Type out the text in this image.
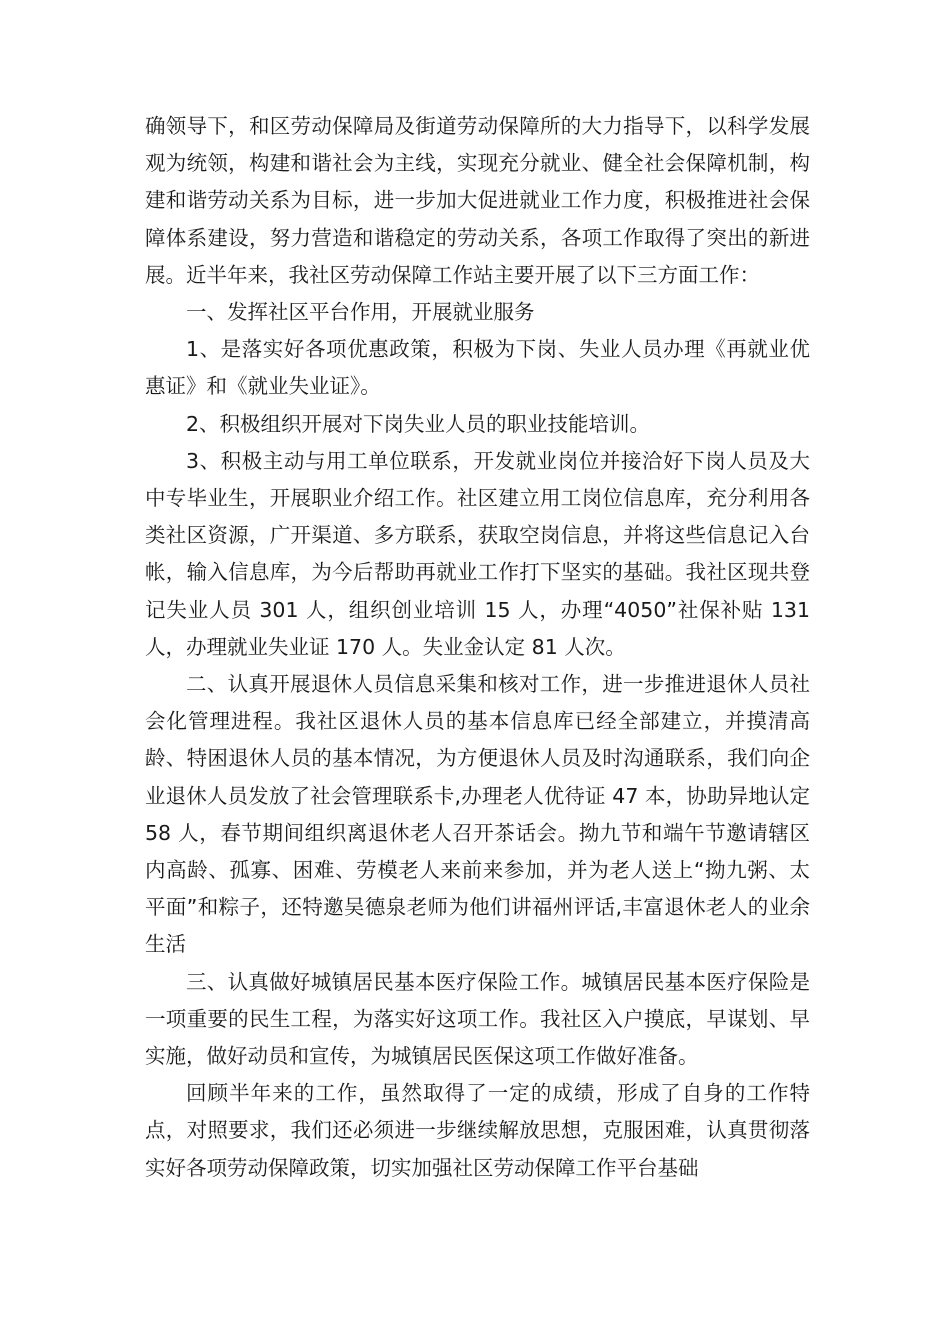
确领导下，和区劳动保障局及街道劳动保障所的大力指导下，以科学发展观为统领，构建和谐社会为主线，实现充分就业、健全社会保障机制，构建和谐劳动关系为目标，进一步加大促进就业工作力度，积极推进社会保障体系建设，努力营造和谐稳定的劳动关系，各项工作取得了突出的新进展。近半年来，我社区劳动保障工作站主要开展了以下三方面工作：

一、发挥社区平台作用，开展就业服务

1、是落实好各项优惠政策，积极为下岗、失业人员办理《再就业优惠证》和《就业失业证》。

2、积极组织开展对下岗失业人员的职业技能培训。

3、积极主动与用工单位联系，开发就业岗位并接洽好下岗人员及大中专毕业生，开展职业介绍工作。社区建立用工岗位信息库，充分利用各类社区资源，广开渠道、多方联系，获取空岗信息，并将这些信息记入台帐，输入信息库，为今后帮助再就业工作打下坚实的基础。我社区现共登记失业人员 301 人，组织创业培训 15 人，办理“4050”社保补贴 131 人，办理就业失业证 170 人。失业金认定 81 人次。

二、认真开展退休人员信息采集和核对工作，进一步推进退休人员社会化管理进程。我社区退休人员的基本信息库已经全部建立，并摸清高龄、特困退休人员的基本情况，为方便退休人员及时沟通联系，我们向企业退休人员发放了社会管理联系卡,办理老人优待证 47 本，协助异地认定 58 人，春节期间组织离退休老人召开茶话会。拗九节和端午节邀请辖区内高龄、孤寡、困难、劳模老人来前来参加，并为老人送上“拗九粥、太平面”和粽子，还特邀吴德泉老师为他们讲福州评话,丰富退休老人的业余生活

三、认真做好城镇居民基本医疗保险工作。城镇居民基本医疗保险是一项重要的民生工程，为落实好这项工作。我社区入户摸底，早谋划、早实施，做好动员和宣传，为城镇居民医保这项工作做好准备。

回顾半年来的工作，虽然取得了一定的成绩，形成了自身的工作特点，对照要求，我们还必须进一步继续解放思想，克服困难，认真贯彻落实好各项劳动保障政策，切实加强社区劳动保障工作平台基础
